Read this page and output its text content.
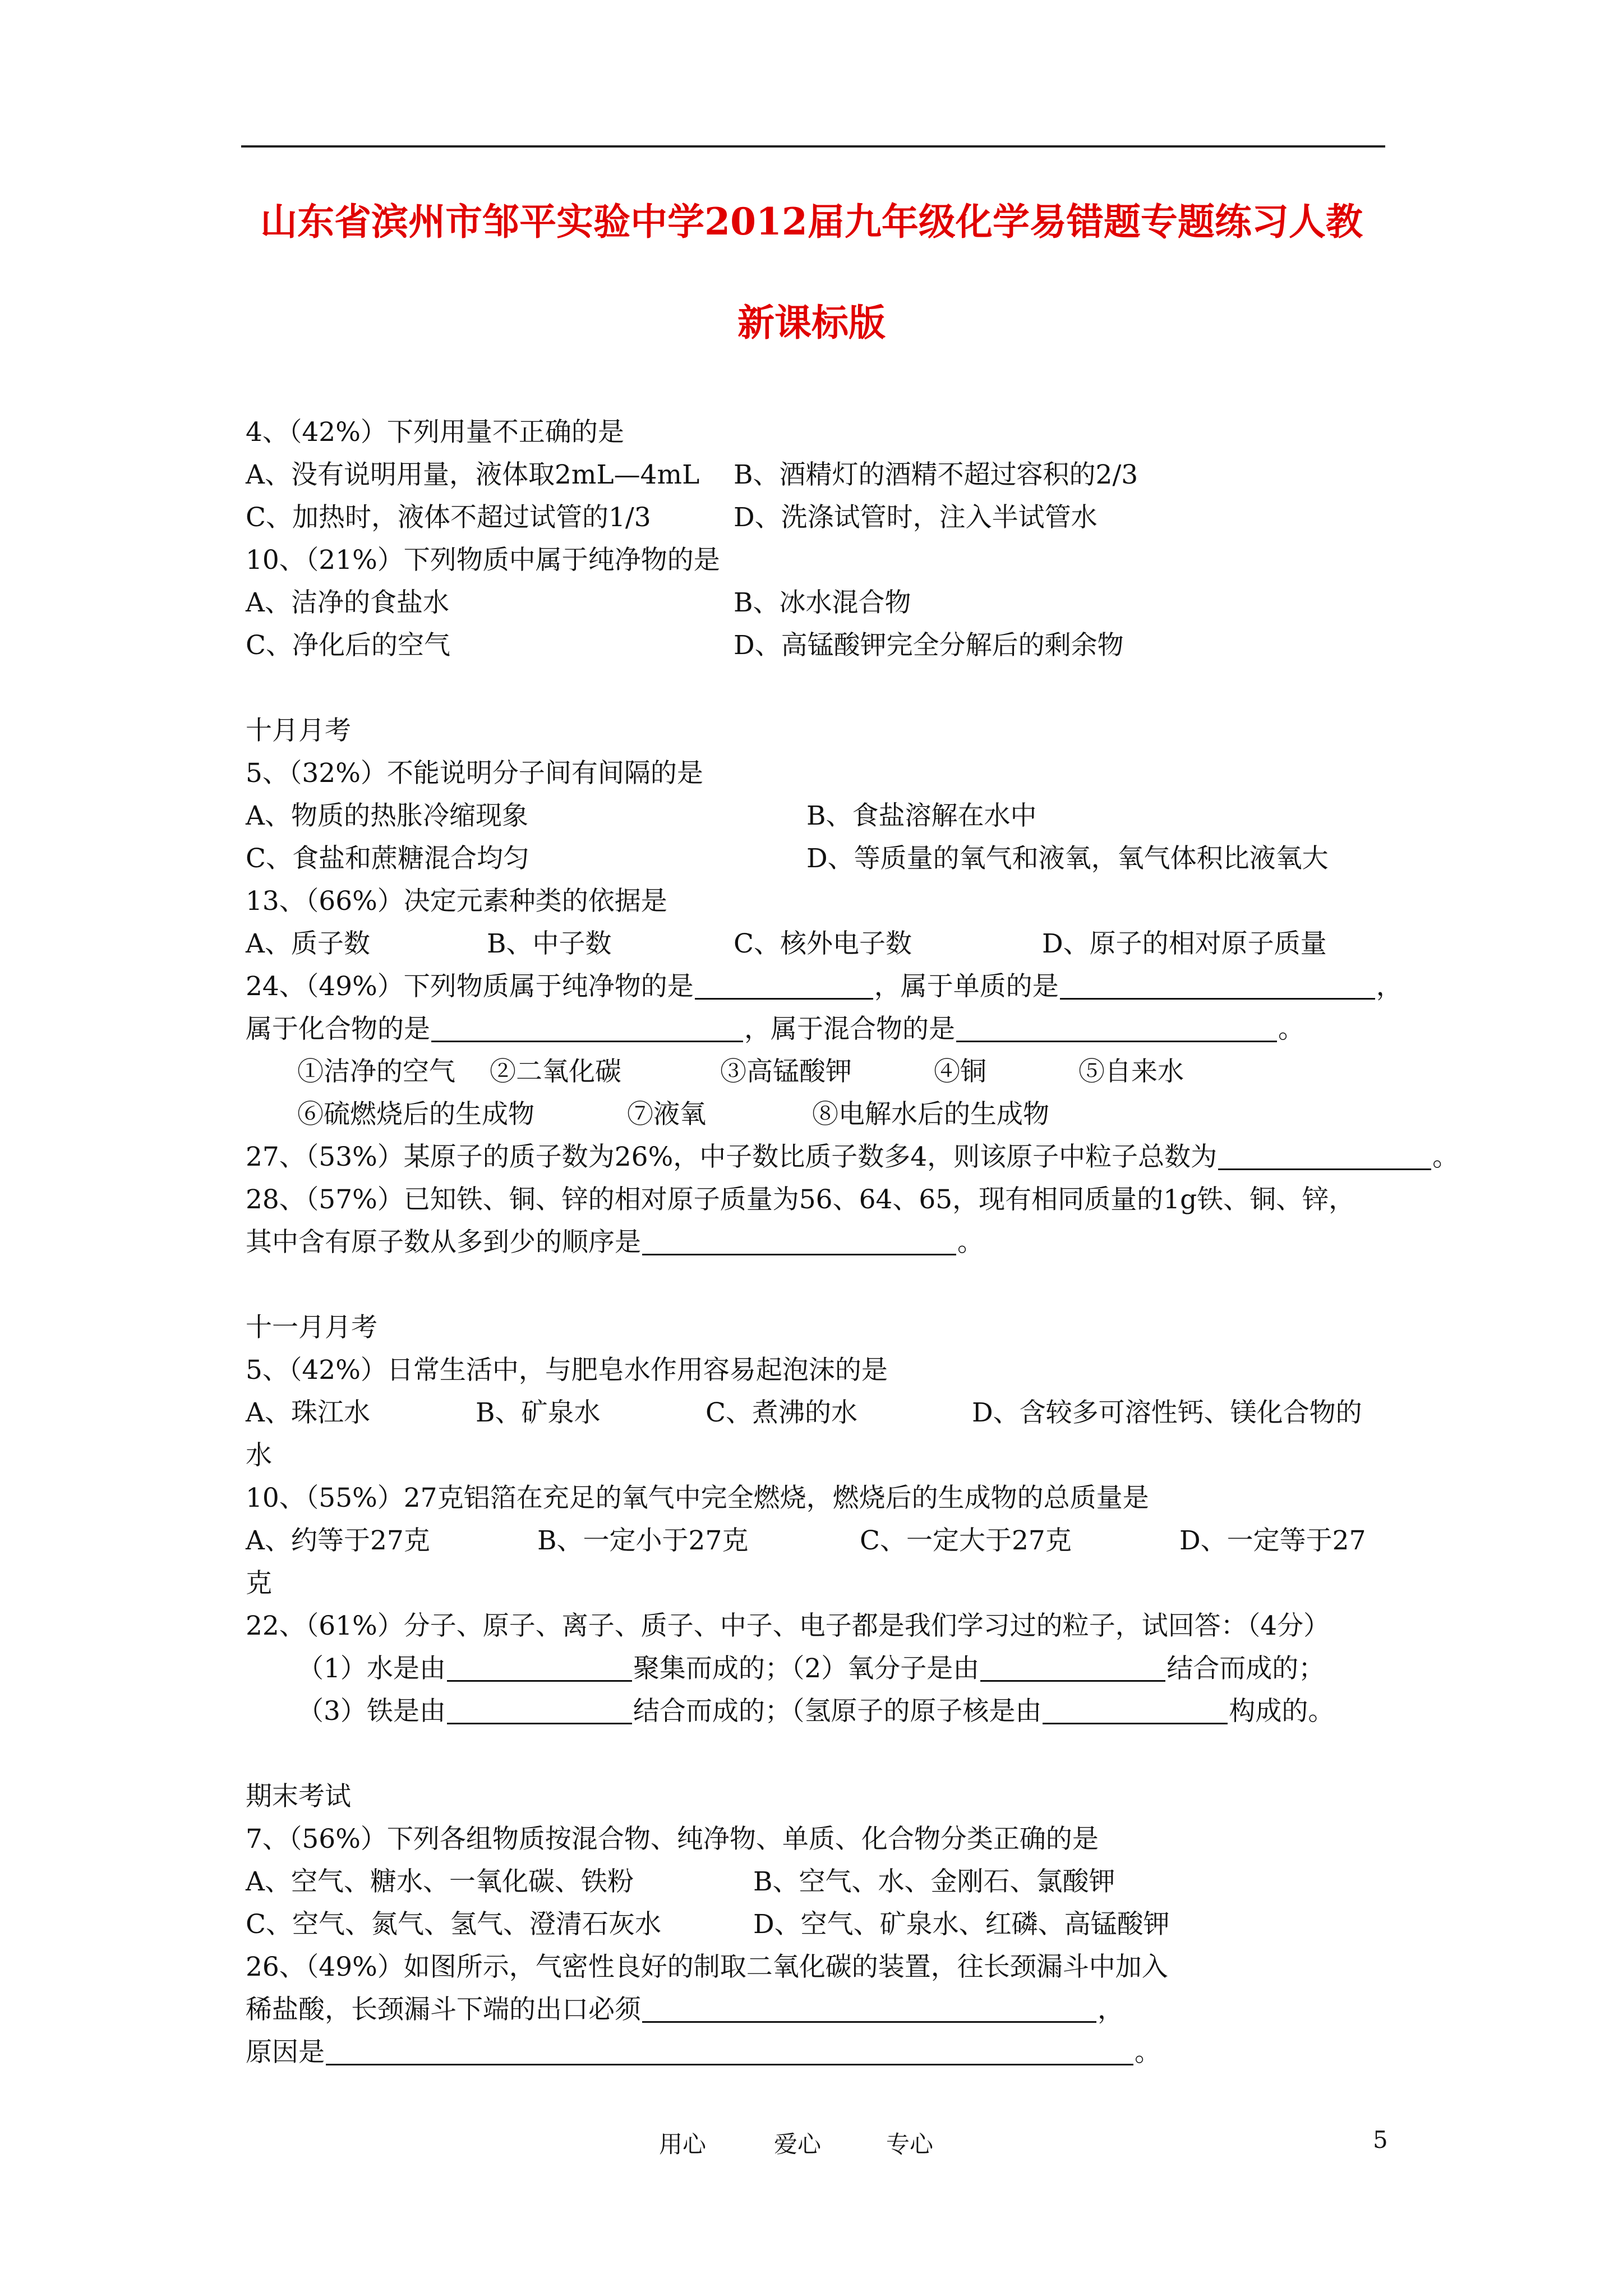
山东省滨州市邹平实验中学2012届九年级化学易错题专题练习人教
新课标版
4、（42%）下列用量不正确的是
A、没有说明用量，液体取2mL—4mL B、酒精灯的酒精不超过容积的2/3
C、加热时，液体不超过试管的1/3	D、洗涤试管时，注入半试管水
10、（21%）下列物质中属于纯净物的是
A、洁净的食盐水	B、冰水混合物
C、净化后的空气	D、高锰酸钾完全分解后的剩余物
十月月考
5、（32%）不能说明分子间有间隔的是
A、物质的热胀冷缩现象	B、食盐溶解在水中
C、食盐和蔗糖混合均匀	D、等质量的氧气和液氧，氧气体积比液氧大
13、（66%）决定元素种类的依据是
A、质子数	B、中子数	C、核外电子数	D、原子的相对原子质量
24、（49%）下列物质属于纯净物的是	，属于单质的是	，
属于化合物的是	，属于混合物的是	。
①洁净的空气 ②二氧化碳	③高锰酸钾	④铜	⑤自来水
⑥硫燃烧后的生成物	⑦液氧	⑧电解水后的生成物
27、（53%）某原子的质子数为26%，中子数比质子数多4，则该原子中粒子总数为	。
28、（57%）已知铁、铜、锌的相对原子质量为56、64、65，现有相同质量的1g铁、铜、锌，
其中含有原子数从多到少的顺序是	。
十一月月考
5、（42%）日常生活中，与肥皂水作用容易起泡沫的是
A、珠江水	B、矿泉水	C、煮沸的水	D、含较多可溶性钙、镁化合物的
水
10、（55%）27克铝箔在充足的氧气中完全燃烧，燃烧后的生成物的总质量是
A、约等于27克	B、一定小于27克	C、一定大于27克	D、一定等于27
克
22、（61%）分子、原子、离子、质子、中子、电子都是我们学习过的粒子，试回答：（4分）
（1）水是由	聚集而成的；（2）氧分子是由	结合而成的；
（3）铁是由	结合而成的；（氢原子的原子核是由	构成的。
期末考试
7、（56%）下列各组物质按混合物、纯净物、单质、化合物分类正确的是
A、空气、糖水、一氧化碳、铁粉	B、空气、水、金刚石、氯酸钾
C、空气、氮气、氢气、澄清石灰水	D、空气、矿泉水、红磷、高锰酸钾
26、（49%）如图所示，气密性良好的制取二氧化碳的装置，往长颈漏斗中加入
稀盐酸，长颈漏斗下端的出口必须	，
原因是	。
用心	爱心	专心	5
